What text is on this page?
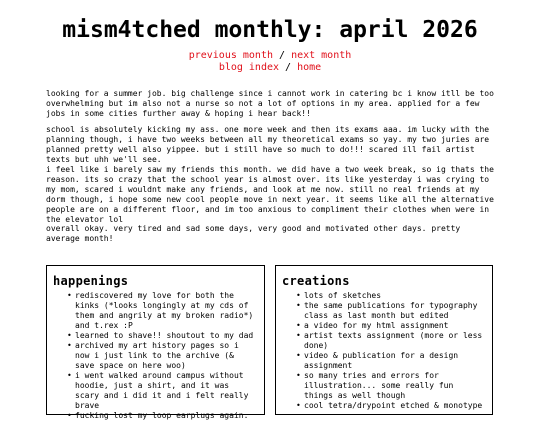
mism4tched monthly: april 2026
previous month / next month
blog index / home

looking for a summer job. big challenge since i cannot work in catering bc i know itll be too overwhelming but im also not a nurse so not a lot of options in my area. applied for a few jobs in some cities further away & hoping i hear back!!

school is absolutely kicking my ass. one more week and then its exams aaa. im lucky with the planning though, i have two weeks between all my theoretical exams so yay. my two juries are planned pretty well also yippee. but i still have so much to do!!! scared ill fail artist texts but uhh we'll see.
i feel like i barely saw my friends this month. we did have a two week break, so ig thats the reason. its so crazy that the school year is almost over. its like yesterday i was crying to my mom, scared i wouldnt make any friends, and look at me now. still no real friends at my dorm though, i hope some new cool people move in next year. it seems like all the alternative people are on a different floor, and im too anxious to compliment their clothes when were in the elevator lol

overall okay. very tired and sad some days, very good and motivated other days. pretty average month!

happenings
• rediscovered my love for both the kinks (*looks longingly at my cds of them and angrily at my broken radio*) and t.rex :P
• learned to shave!! shoutout to my dad
• archived my art history pages so i now i just link to the archive (& save space on here woo)
• i went walked around campus without hoodie, just a shirt, and it was scary and i did it and i felt really brave
• fucking lost my loop earplugs again.
creations
• lots of sketches
• the same publications for typography class as last month but edited
• a video for my html assignment
• artist texts assignment (more or less done)
• video & publication for a design assignment
• so many tries and errors for illustration... some really fun things as well though
• cool tetra/drypoint etched & monotype
